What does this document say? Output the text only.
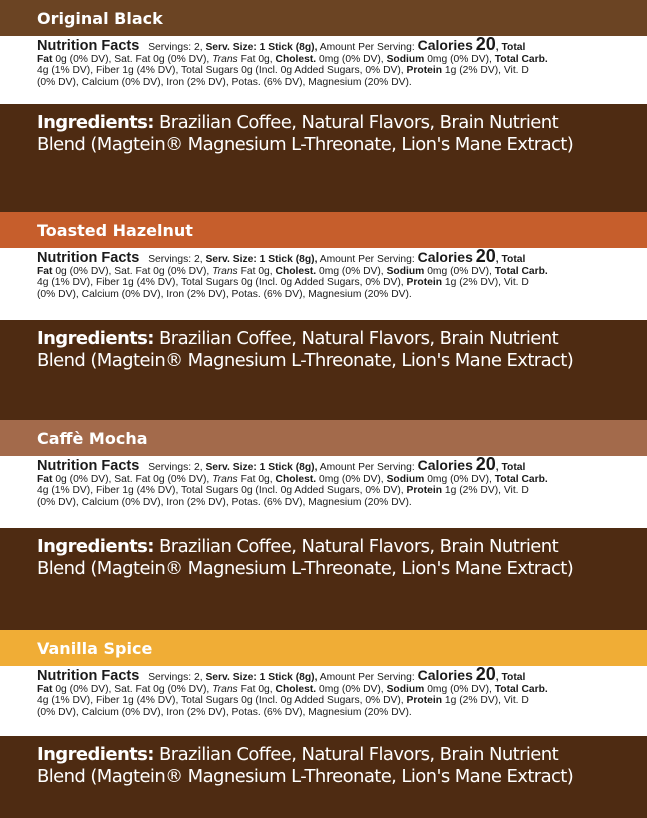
Original Black
Nutrition Facts Servings: 2, Serv. Size: 1 Stick (8g), Amount Per Serving: Calories 20, Total
Fat 0g (0% DV), Sat. Fat 0g (0% DV), Trans Fat 0g, Cholest. 0mg (0% DV), Sodium 0mg (0% DV), Total Carb.
4g (1% DV), Fiber 1g (4% DV), Total Sugars 0g (Incl. 0g Added Sugars, 0% DV), Protein 1g (2% DV), Vit. D
(0% DV), Calcium (0% DV), Iron (2% DV), Potas. (6% DV), Magnesium (20% DV).
Ingredients: Brazilian Coffee, Natural Flavors, Brain Nutrient
Blend (Magtein® Magnesium L-Threonate, Lion's Mane Extract)
Toasted Hazelnut
Nutrition Facts Servings: 2, Serv. Size: 1 Stick (8g), Amount Per Serving: Calories 20, Total
Fat 0g (0% DV), Sat. Fat 0g (0% DV), Trans Fat 0g, Cholest. 0mg (0% DV), Sodium 0mg (0% DV), Total Carb.
4g (1% DV), Fiber 1g (4% DV), Total Sugars 0g (Incl. 0g Added Sugars, 0% DV), Protein 1g (2% DV), Vit. D
(0% DV), Calcium (0% DV), Iron (2% DV), Potas. (6% DV), Magnesium (20% DV).
Ingredients: Brazilian Coffee, Natural Flavors, Brain Nutrient
Blend (Magtein® Magnesium L-Threonate, Lion's Mane Extract)
Caffè Mocha
Nutrition Facts Servings: 2, Serv. Size: 1 Stick (8g), Amount Per Serving: Calories 20, Total
Fat 0g (0% DV), Sat. Fat 0g (0% DV), Trans Fat 0g, Cholest. 0mg (0% DV), Sodium 0mg (0% DV), Total Carb.
4g (1% DV), Fiber 1g (4% DV), Total Sugars 0g (Incl. 0g Added Sugars, 0% DV), Protein 1g (2% DV), Vit. D
(0% DV), Calcium (0% DV), Iron (2% DV), Potas. (6% DV), Magnesium (20% DV).
Ingredients: Brazilian Coffee, Natural Flavors, Brain Nutrient
Blend (Magtein® Magnesium L-Threonate, Lion's Mane Extract)
Vanilla Spice
Nutrition Facts Servings: 2, Serv. Size: 1 Stick (8g), Amount Per Serving: Calories 20, Total
Fat 0g (0% DV), Sat. Fat 0g (0% DV), Trans Fat 0g, Cholest. 0mg (0% DV), Sodium 0mg (0% DV), Total Carb.
4g (1% DV), Fiber 1g (4% DV), Total Sugars 0g (Incl. 0g Added Sugars, 0% DV), Protein 1g (2% DV), Vit. D
(0% DV), Calcium (0% DV), Iron (2% DV), Potas. (6% DV), Magnesium (20% DV).
Ingredients: Brazilian Coffee, Natural Flavors, Brain Nutrient
Blend (Magtein® Magnesium L-Threonate, Lion's Mane Extract)
